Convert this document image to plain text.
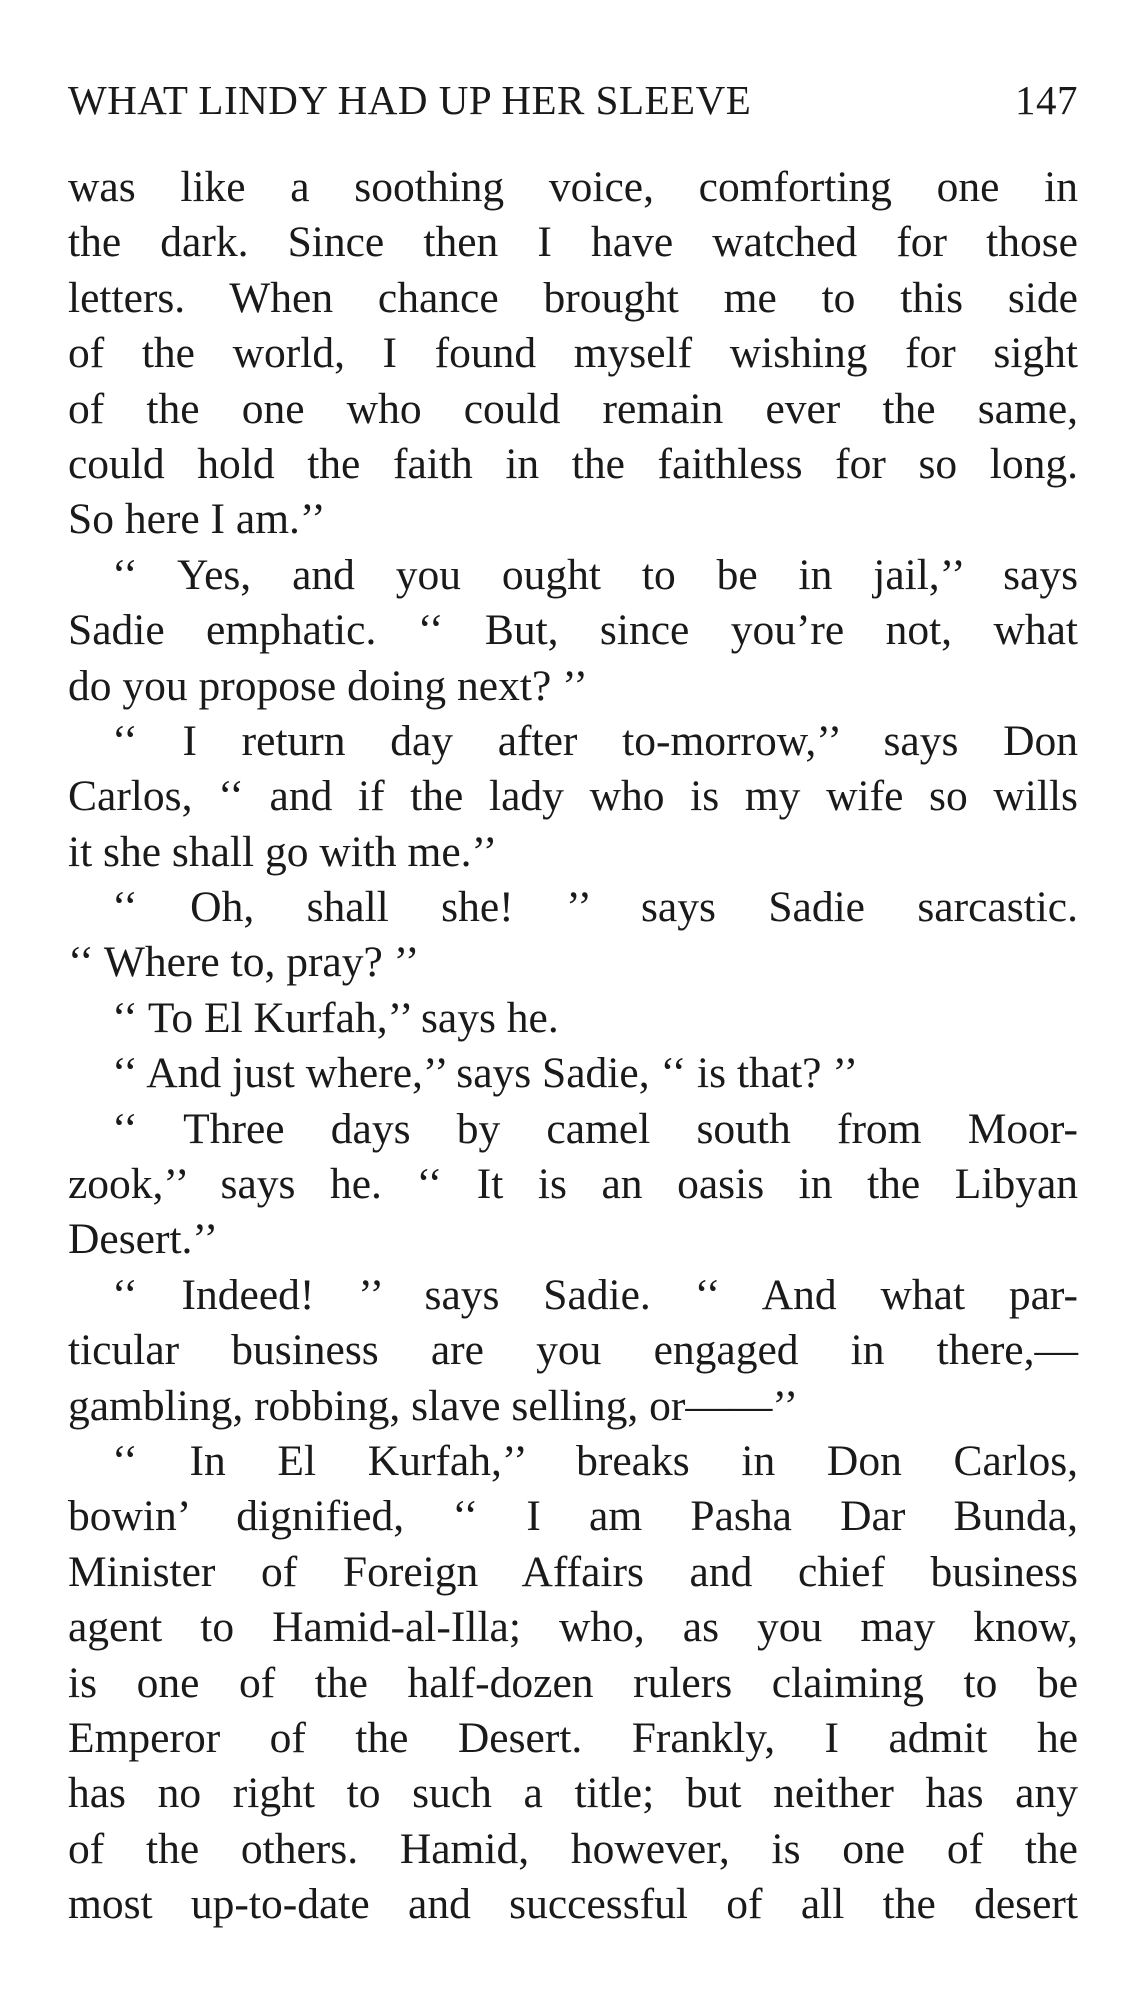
WHAT LINDY HAD UP HER SLEEVE	147
was like a soothing voice, comforting one in
the dark. Since then I have watched for those
letters. When chance brought me to this side
of the world, I found myself wishing for sight
of the one who could remain ever the same,
could hold the faith in the faithless for so long.
So here I am.’’
‘‘ Yes, and you ought to be in jail,’’ says
Sadie emphatic. ‘‘ But, since you’re not, what
do you propose doing next? ’’
‘‘ I return day after to-morrow,’’ says Don
Carlos, ‘‘ and if the lady who is my wife so wills
it she shall go with me.’’
‘‘ Oh, shall she! ’’ says Sadie sarcastic.
‘‘ Where to, pray? ’’
‘‘ To El Kurfah,’’ says he.
‘‘ And just where,’’ says Sadie, ‘‘ is that? ’’
‘‘ Three days by camel south from Moor-
zook,’’ says he. ‘‘ It is an oasis in the Libyan
Desert.’’
‘‘ Indeed! ’’ says Sadie. ‘‘ And what par-
ticular business are you engaged in there,—
gambling, robbing, slave selling, or——’’
‘‘ In El Kurfah,’’ breaks in Don Carlos,
bowin’ dignified, ‘‘ I am Pasha Dar Bunda,
Minister of Foreign Affairs and chief business
agent to Hamid-al-Illa; who, as you may know,
is one of the half-dozen rulers claiming to be
Emperor of the Desert. Frankly, I admit he
has no right to such a title; but neither has any
of the others. Hamid, however, is one of the
most up-to-date and successful of all the desert
